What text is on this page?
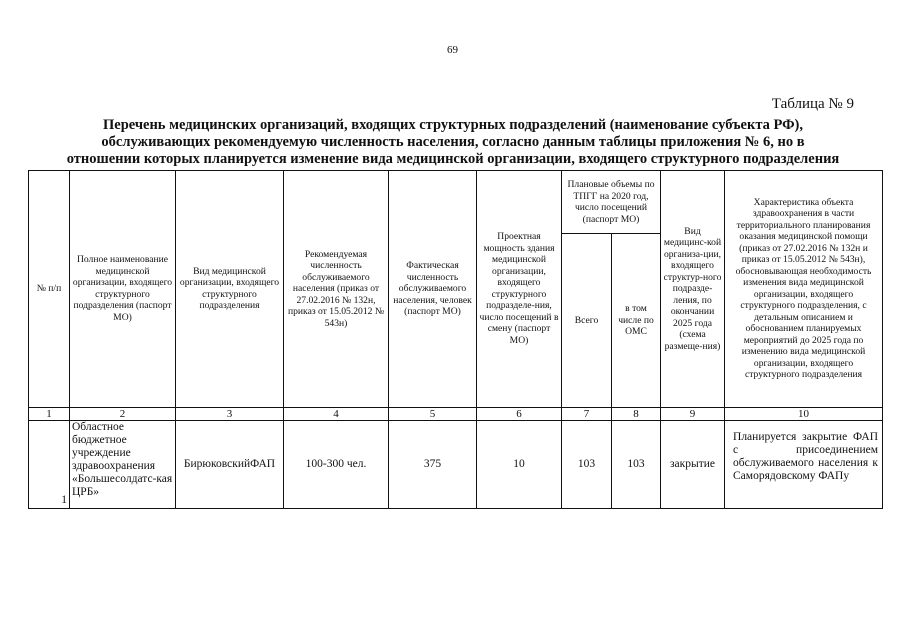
69
Таблица № 9
Перечень медицинских организаций, входящих структурных подразделений (наименование субъекта РФ),
обслуживающих рекомендуемую численность населения, согласно данным таблицы приложения № 6, но в
отношении которых планируется изменение вида медицинской организации, входящего структурного подразделения
№ п/п	Полное наименование медицинской организации, входящего структурного подразделения (паспорт МО)	Вид медицинской организации, входящего структурного подразделения	Рекомендуемая численность обслуживаемого населения (приказ от 27.02.2016 № 132н, приказ от 15.05.2012 № 543н)	Фактическая численность обслуживаемого населения, человек (паспорт МО)	Проектная мощность здания медицинской организации, входящего структурного подразделе-ния, число посещений в смену (паспорт МО)	Плановые объемы по ТПГГ на 2020 год, число посещений (паспорт МО)		Вид медицинс-кой организа-ции, входящего структур-ного подразде-ления, по окончании 2025 года (схема размеще-ния)	Характеристика объекта здравоохранения в части территориального планирования оказания медицинской помощи (приказ от 27.02.2016 № 132н и приказ от 15.05.2012 № 543н), обосновывающая необходимость изменения вида медицинской организации, входящего структурного подразделения, с детальным описанием и обоснованием планируемых мероприятий до 2025 года по изменению вида медицинской организации, входящего структурного подразделения
						Всего	в том числе по ОМС		
1	2	3	4	5	6	7	8	9	10
1	Областное бюджетное учреждение здравоохранения «Большесолдатс-кая ЦРБ»	БирюковскийФАП	100-300 чел.	375	10	103	103	закрытие	Планируется закрытие ФАП с присоединением обслуживаемого населения к Саморядовскому ФАПу
